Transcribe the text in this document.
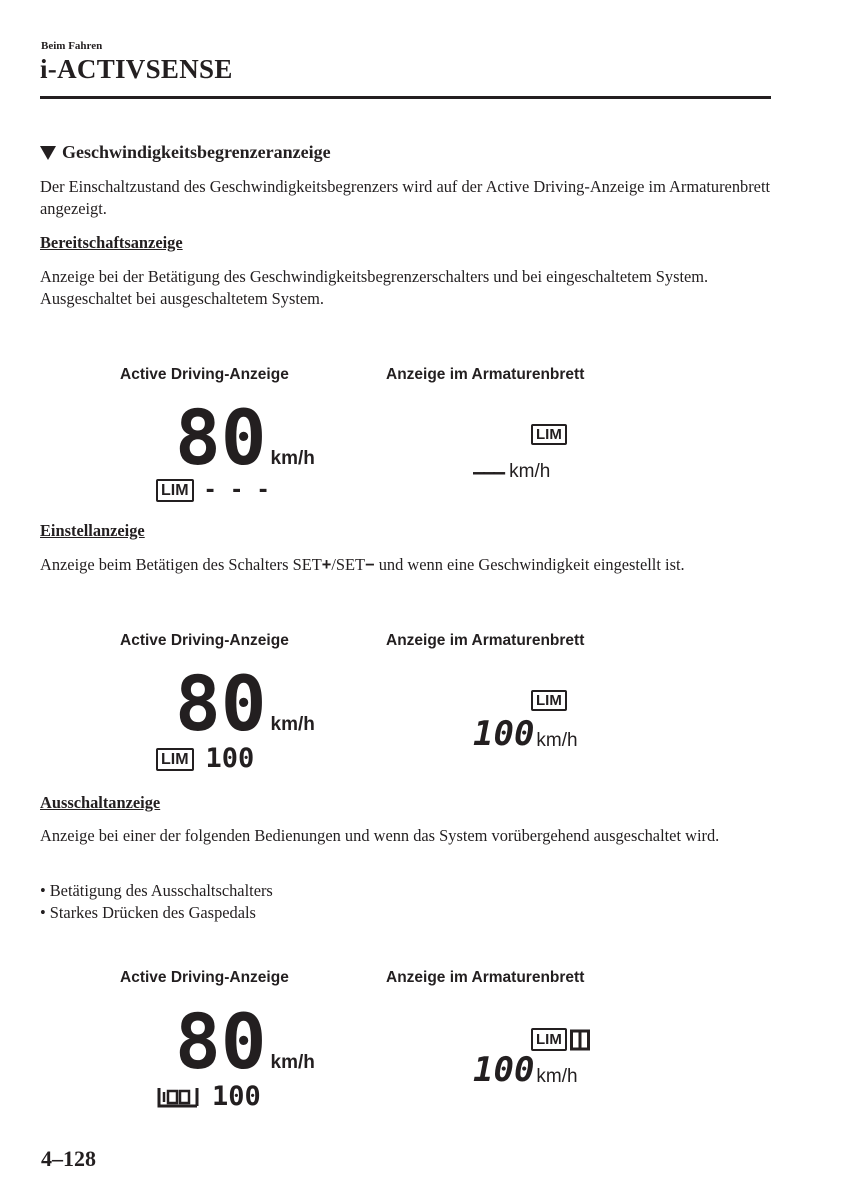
Beim Fahren
i-ACTIVSENSE
Geschwindigkeitsbegrenzeranzeige
Der Einschaltzustand des Geschwindigkeitsbegrenzers wird auf der Active Driving-Anzeige im Armaturenbrett angezeigt.
Bereitschaftsanzeige
Anzeige bei der Betätigung des Geschwindigkeitsbegrenzerschalters und bei eingeschaltetem System.
Ausgeschaltet bei ausgeschaltetem System.
Active Driving-Anzeige	Anzeige im Armaturenbrett
80 km/h
LIM - - -
LIM
——— km/h
Einstellanzeige
Anzeige beim Betätigen des Schalters SET+/SET− und wenn eine Geschwindigkeit eingestellt ist.
Active Driving-Anzeige	Anzeige im Armaturenbrett
80 km/h
LIM 100
LIM
100 km/h
Ausschaltanzeige
Anzeige bei einer der folgenden Bedienungen und wenn das System vorübergehend ausgeschaltet wird.
• Betätigung des Ausschaltschalters
• Starkes Drücken des Gaspedals
Active Driving-Anzeige	Anzeige im Armaturenbrett
80 km/h
100
LIM
100 km/h
4–128
